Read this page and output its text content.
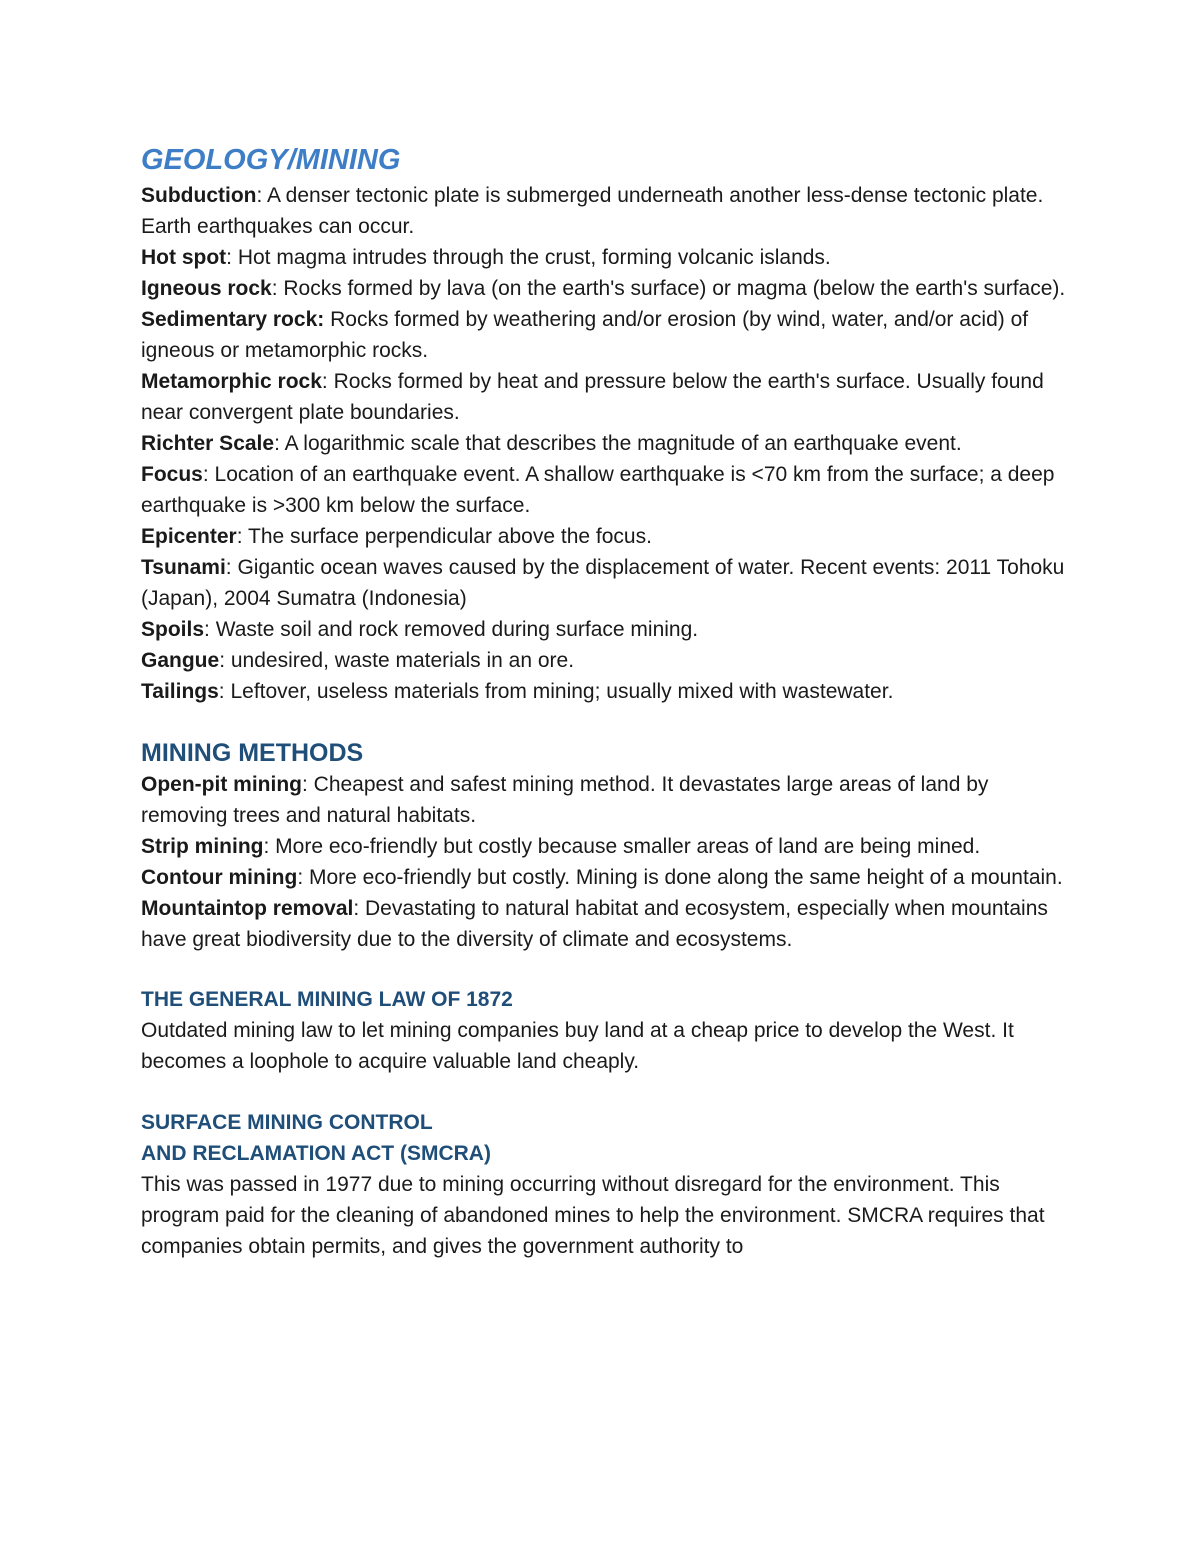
GEOLOGY/MINING

Subduction: A denser tectonic plate is submerged underneath another less-dense tectonic plate. Earth earthquakes can occur.

Hot spot: Hot magma intrudes through the crust, forming volcanic islands.

Igneous rock: Rocks formed by lava (on the earth's surface) or magma (below the earth's surface).

Sedimentary rock: Rocks formed by weathering and/or erosion (by wind, water, and/or acid) of igneous or metamorphic rocks.

Metamorphic rock: Rocks formed by heat and pressure below the earth's surface. Usually found near convergent plate boundaries.

Richter Scale: A logarithmic scale that describes the magnitude of an earthquake event.

Focus: Location of an earthquake event. A shallow earthquake is <70 km from the surface; a deep earthquake is >300 km below the surface.

Epicenter: The surface perpendicular above the focus.

Tsunami: Gigantic ocean waves caused by the displacement of water. Recent events: 2011 Tohoku (Japan), 2004 Sumatra (Indonesia)

Spoils: Waste soil and rock removed during surface mining.

Gangue: undesired, waste materials in an ore.

Tailings: Leftover, useless materials from mining; usually mixed with wastewater.

MINING METHODS

Open-pit mining: Cheapest and safest mining method. It devastates large areas of land by removing trees and natural habitats.

Strip mining: More eco-friendly but costly because smaller areas of land are being mined.

Contour mining: More eco-friendly but costly. Mining is done along the same height of a mountain.

Mountaintop removal: Devastating to natural habitat and ecosystem, especially when mountains have great biodiversity due to the diversity of climate and ecosystems.

THE GENERAL MINING LAW OF 1872

Outdated mining law to let mining companies buy land at a cheap price to develop the West. It becomes a loophole to acquire valuable land cheaply.

SURFACE MINING CONTROL
AND RECLAMATION ACT (SMCRA)

This was passed in 1977 due to mining occurring without disregard for the environment. This program paid for the cleaning of abandoned mines to help the environment. SMCRA requires that companies obtain permits, and gives the government authority to
